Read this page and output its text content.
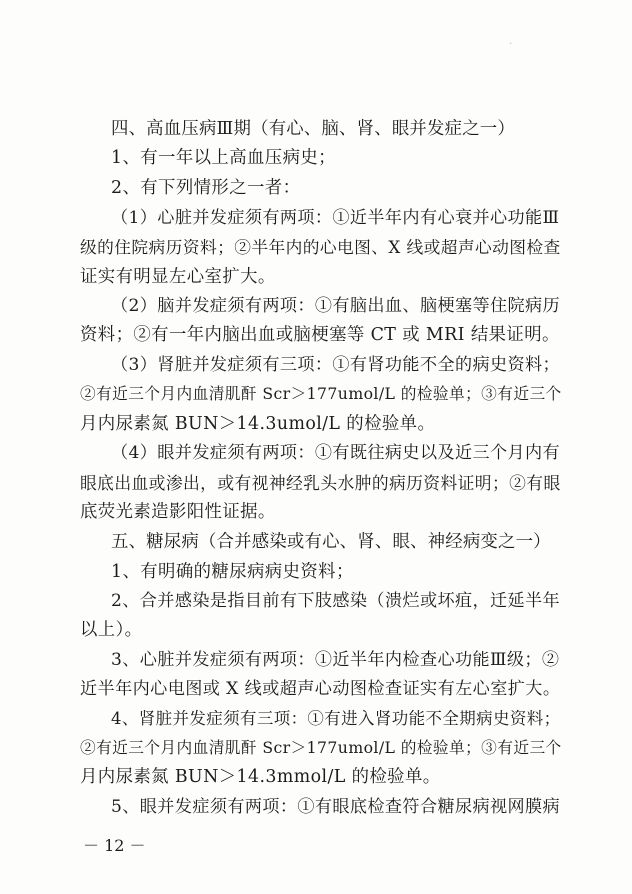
ﾞ
四、高血压病Ⅲ期（有心、脑、肾、眼并发症之一）
1、有一年以上高血压病史；
2、有下列情形之一者：
（1）心脏并发症须有两项：①近半年内有心衰并心功能Ⅲ
级的住院病历资料；②半年内的心电图、X 线或超声心动图检查
证实有明显左心室扩大。
（2）脑并发症须有两项：①有脑出血、脑梗塞等住院病历
资料；②有一年内脑出血或脑梗塞等 CT 或 MRI 结果证明。
（3）肾脏并发症须有三项：①有肾功能不全的病史资料；
②有近三个月内血清肌酐 Scr＞177umol/L 的检验单；③有近三个
月内尿素氮 BUN＞14.3umol/L 的检验单。
（4）眼并发症须有两项：①有既往病史以及近三个月内有
眼底出血或渗出，或有视神经乳头水肿的病历资料证明；②有眼
底荧光素造影阳性证据。
五、糖尿病（合并感染或有心、肾、眼、神经病变之一）
1、有明确的糖尿病病史资料；
2、合并感染是指目前有下肢感染（溃烂或坏疽，迁延半年
以上）。
3、心脏并发症须有两项：①近半年内检查心功能Ⅲ级；②
近半年内心电图或 X 线或超声心动图检查证实有左心室扩大。
4、肾脏并发症须有三项：①有进入肾功能不全期病史资料；
②有近三个月内血清肌酐 Scr＞177umol/L 的检验单；③有近三个
月内尿素氮 BUN＞14.3mmol/L 的检验单。
5、眼并发症须有两项：①有眼底检查符合糖尿病视网膜病
－ 12 －
